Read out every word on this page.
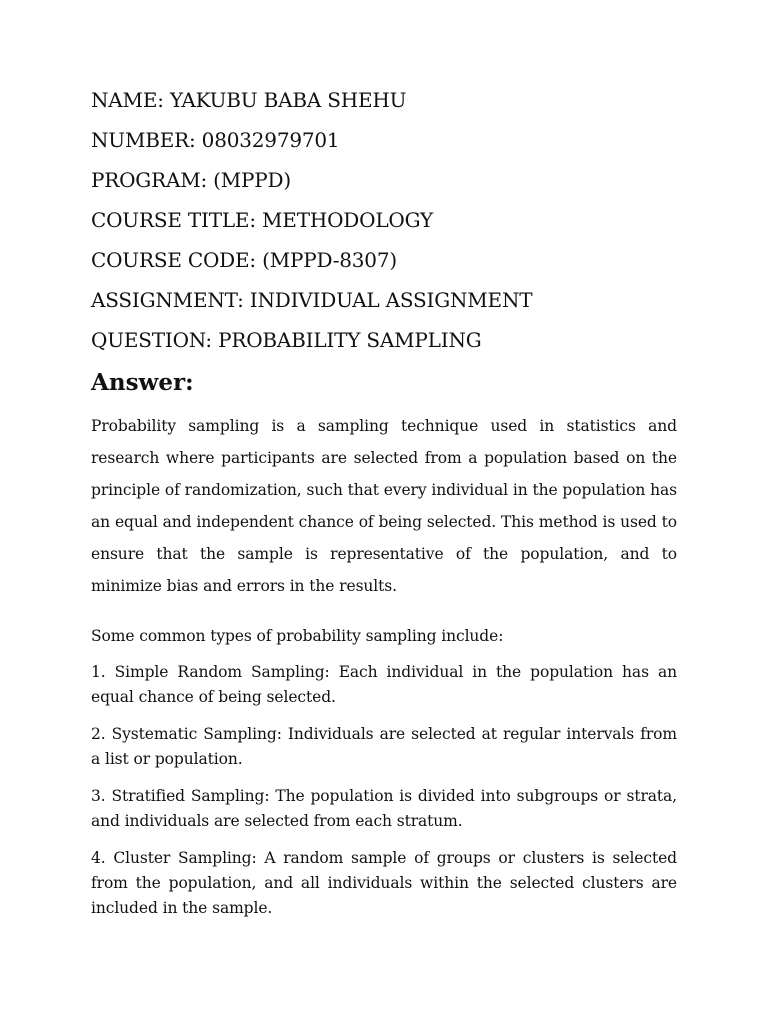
NAME: YAKUBU BABA SHEHU
NUMBER: 08032979701
PROGRAM: (MPPD)
COURSE TITLE: METHODOLOGY
COURSE CODE: (MPPD-8307)
ASSIGNMENT: INDIVIDUAL ASSIGNMENT
QUESTION: PROBABILITY SAMPLING
Answer:

Probability sampling is a sampling technique used in statistics and research where participants are selected from a population based on the principle of randomization, such that every individual in the population has an equal and independent chance of being selected. This method is used to ensure that the sample is representative of the population, and to minimize bias and errors in the results.

Some common types of probability sampling include:

1. Simple Random Sampling: Each individual in the population has an equal chance of being selected.

2. Systematic Sampling: Individuals are selected at regular intervals from a list or population.

3. Stratified Sampling: The population is divided into subgroups or strata, and individuals are selected from each stratum.

4. Cluster Sampling: A random sample of groups or clusters is selected from the population, and all individuals within the selected clusters are included in the sample.
